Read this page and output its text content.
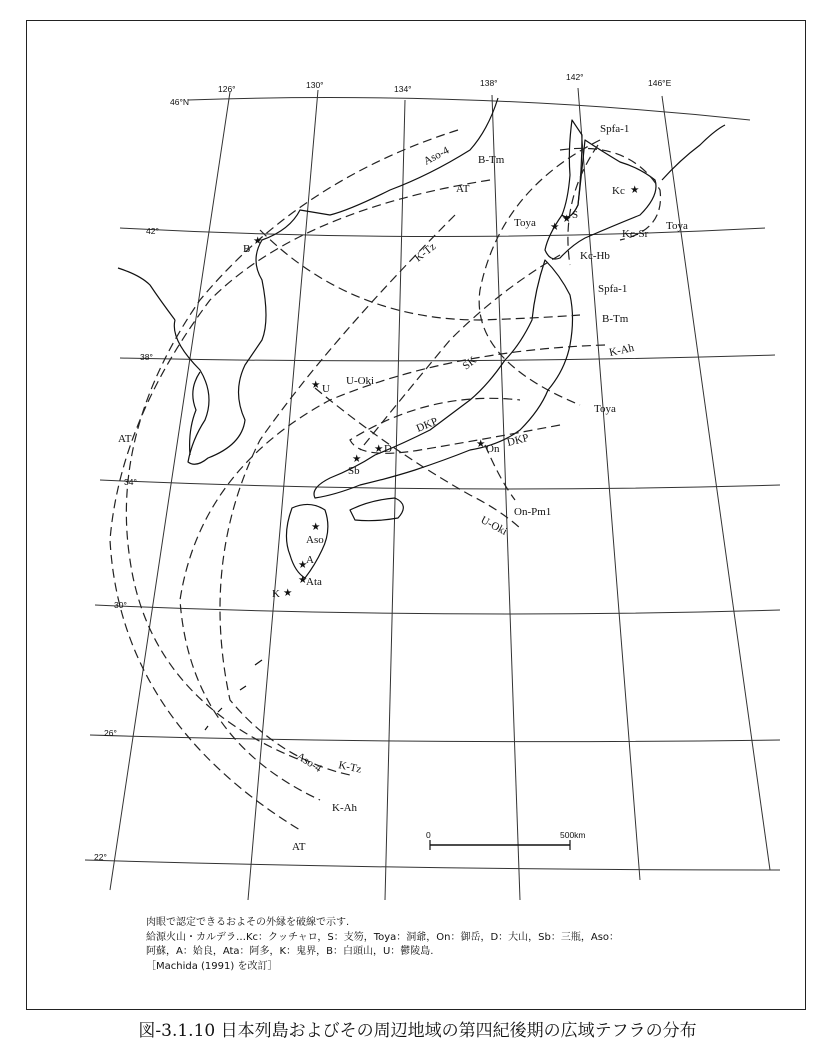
0	500km
126°	130°	134°
138°
142°
146°E
46°N
42°
38°
34°
30°
26°
22°
Spfa-1
Aso-4 B-Tm
AT
K-Tz
Kc-Sr
Toya
Kc-Hb
Spfa-1
B-Tm
K-Ah
SK
U-Oki
Toya
AT
DKP
DKP
On-Pm1
U-Oki
K-Tz
Aso-4
K-Ah
AT
★
Kc
★ S
★
Toya
★
B
★ U
★ D	★ On
★
Sb
★
Aso
★
A
★
Ata
★
K
肉眼で認定できるおよその外縁を破線で示す.
給源火山・カルデラ…Kc：クッチャロ，S：支笏，Toya：洞爺，On：御岳，D：大山，Sb：三瓶，Aso：
阿蘇，A：姶良，Ata：阿多，K：鬼界，B：白頭山，U：鬱陵島.
［Machida (1991) を改訂］
図-3.1.10 日本列島およびその周辺地域の第四紀後期の広域テフラの分布
